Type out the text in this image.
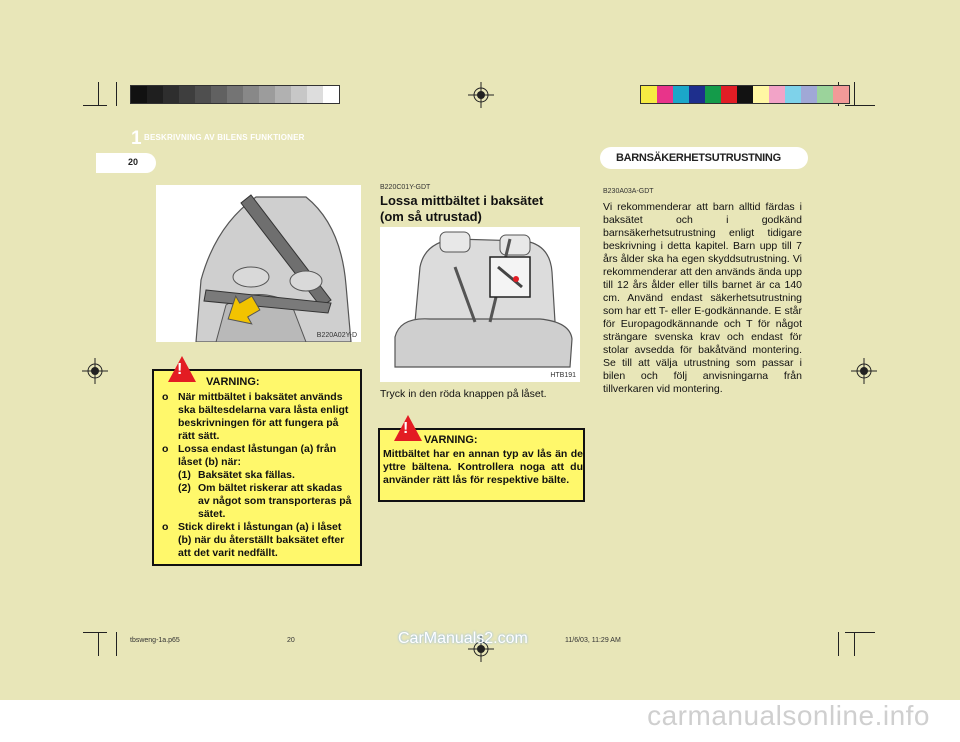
1 BESKRIVNING AV BILENS FUNKTIONER
20	BARNSÄKERHETSUTRUSTNING
B220A02Y-D
!
VARNING:
o När mittbältet i baksätet används ska bältesdelarna vara låsta enligt beskrivningen för att fungera på rätt sätt.
o Lossa endast låstungan (a) från låset (b) när:
(1) Baksätet ska fällas.
(2) Om bältet riskerar att skadas av något som transporteras på sätet.
o Stick direkt i låstungan (a) i låset (b) när du återställt baksätet efter att det varit nedfällt.
B220C01Y-GDT
Lossa mittbältet i baksätet
(om så utrustad)
HTB191
Tryck in den röda knappen på låset.
!
VARNING:
Mittbältet har en annan typ av lås än de yttre bältena. Kontrollera noga att du använder rätt lås för respektive bälte.
B230A03A-GDT
Vi rekommenderar att barn alltid färdas i baksätet och i godkänd barnsäkerhetsutrustning enligt tidigare beskrivning i detta kapitel. Barn upp till 7 års ålder ska ha egen skyddsutrustning. Vi rekommenderar att den används ända upp till 12 års ålder eller tills barnet är ca 140 cm. Använd endast säkerhetsutrustning som har ett T- eller E-godkännande. E står för Europagodkännande och T för något strängare svenska krav och endast för stolar avsedda för bakåtvänd montering. Se till att välja utrustning som passar i bilen och följ anvisningarna från tillverkaren vid montering.
tbsweng-1a.p65	20	11/6/03, 11:29 AM
CarManuals2.com
carmanualsonline.info
